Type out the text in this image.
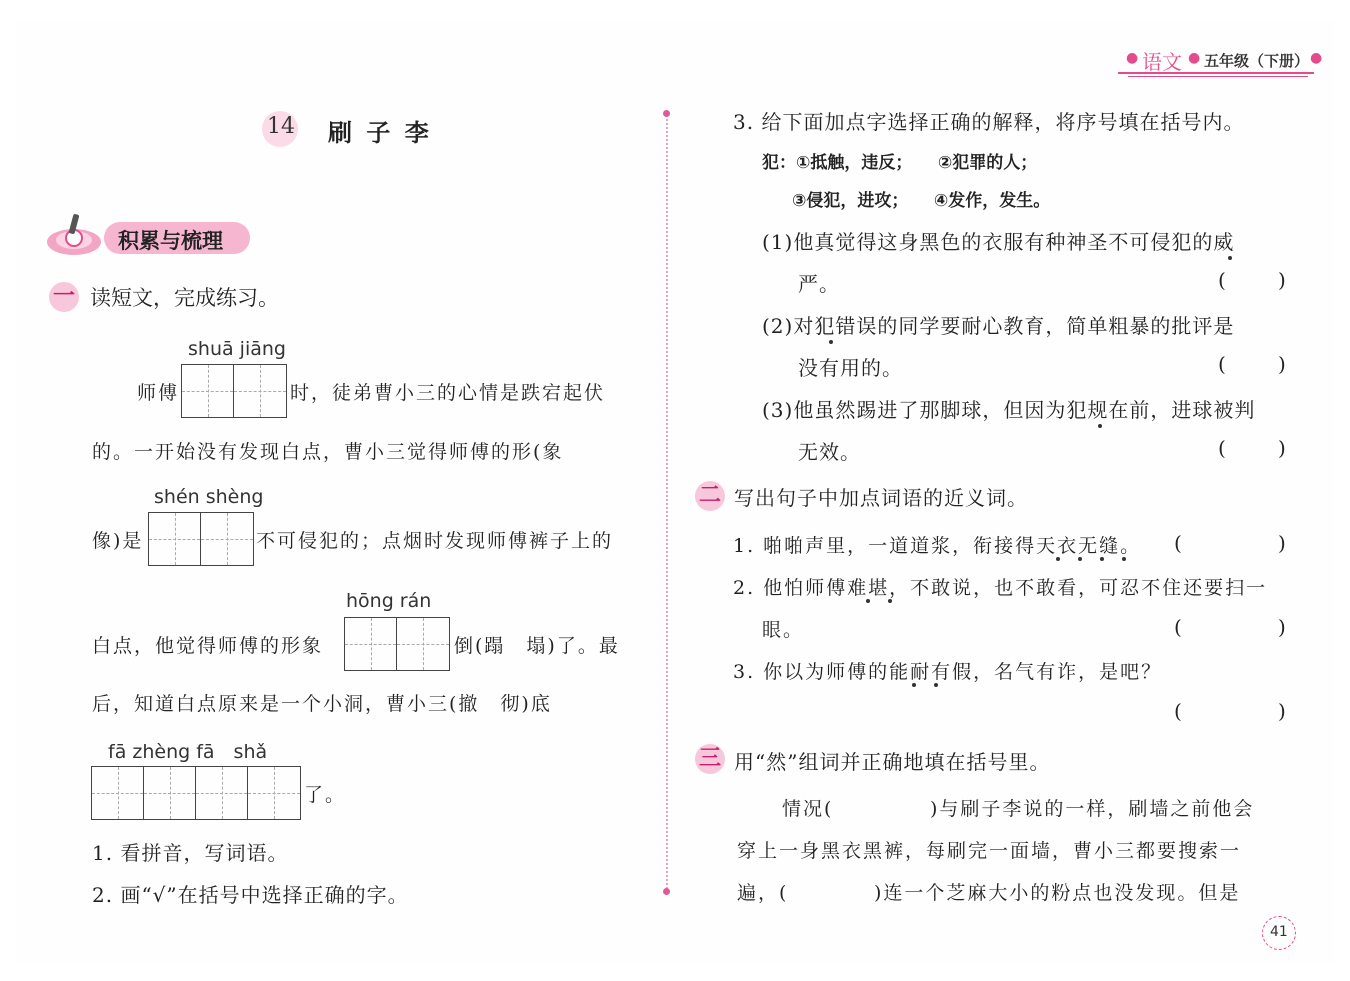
● 语文 ● 五年级（下册） ●
14 刷 子 李
积累与梳理
一 读短文，完成练习。
shuā jiāng
师傅	时，徒弟曹小三的心情是跌宕起伏
的。一开始没有发现白点，曹小三觉得师傅的形(象
shén shèng
像)是	不可侵犯的；点烟时发现师傅裤子上的
hōng rán
白点，他觉得师傅的形象	倒(蹋　塌)了。最
后，知道白点原来是一个小洞，曹小三(撤　彻)底
fā zhèng fā　shǎ
了。
1. 看拼音，写词语。
2. 画“√”在括号中选择正确的字。
3. 给下面加点字选择正确的解释，将序号填在括号内。
犯：①抵触，违反；　　②犯罪的人；
③侵犯，进攻；　　④发作，发生。
(1)他真觉得这身黑色的衣服有种神圣不可侵犯的威
严。	(	)
(2)对犯错误的同学要耐心教育，简单粗暴的批评是
没有用的。	(	)
(3)他虽然踢进了那脚球，但因为犯规在前，进球被判
无效。	(	)
二 写出句子中加点词语的近义词。
1. 啪啪声里，一道道浆，衔接得天衣无缝。 (	)
2. 他怕师傅难堪，不敢说，也不敢看，可忍不住还要扫一
眼。	(	)
3. 你以为师傅的能耐有假，名气有诈，是吧？
(	)
三 用“然”组词并正确地填在括号里。
情况(	)与刷子李说的一样，刷墙之前他会
穿上一身黑衣黑裤，每刷完一面墙，曹小三都要搜索一
遍，(	)连一个芝麻大小的粉点也没发现。但是
41
